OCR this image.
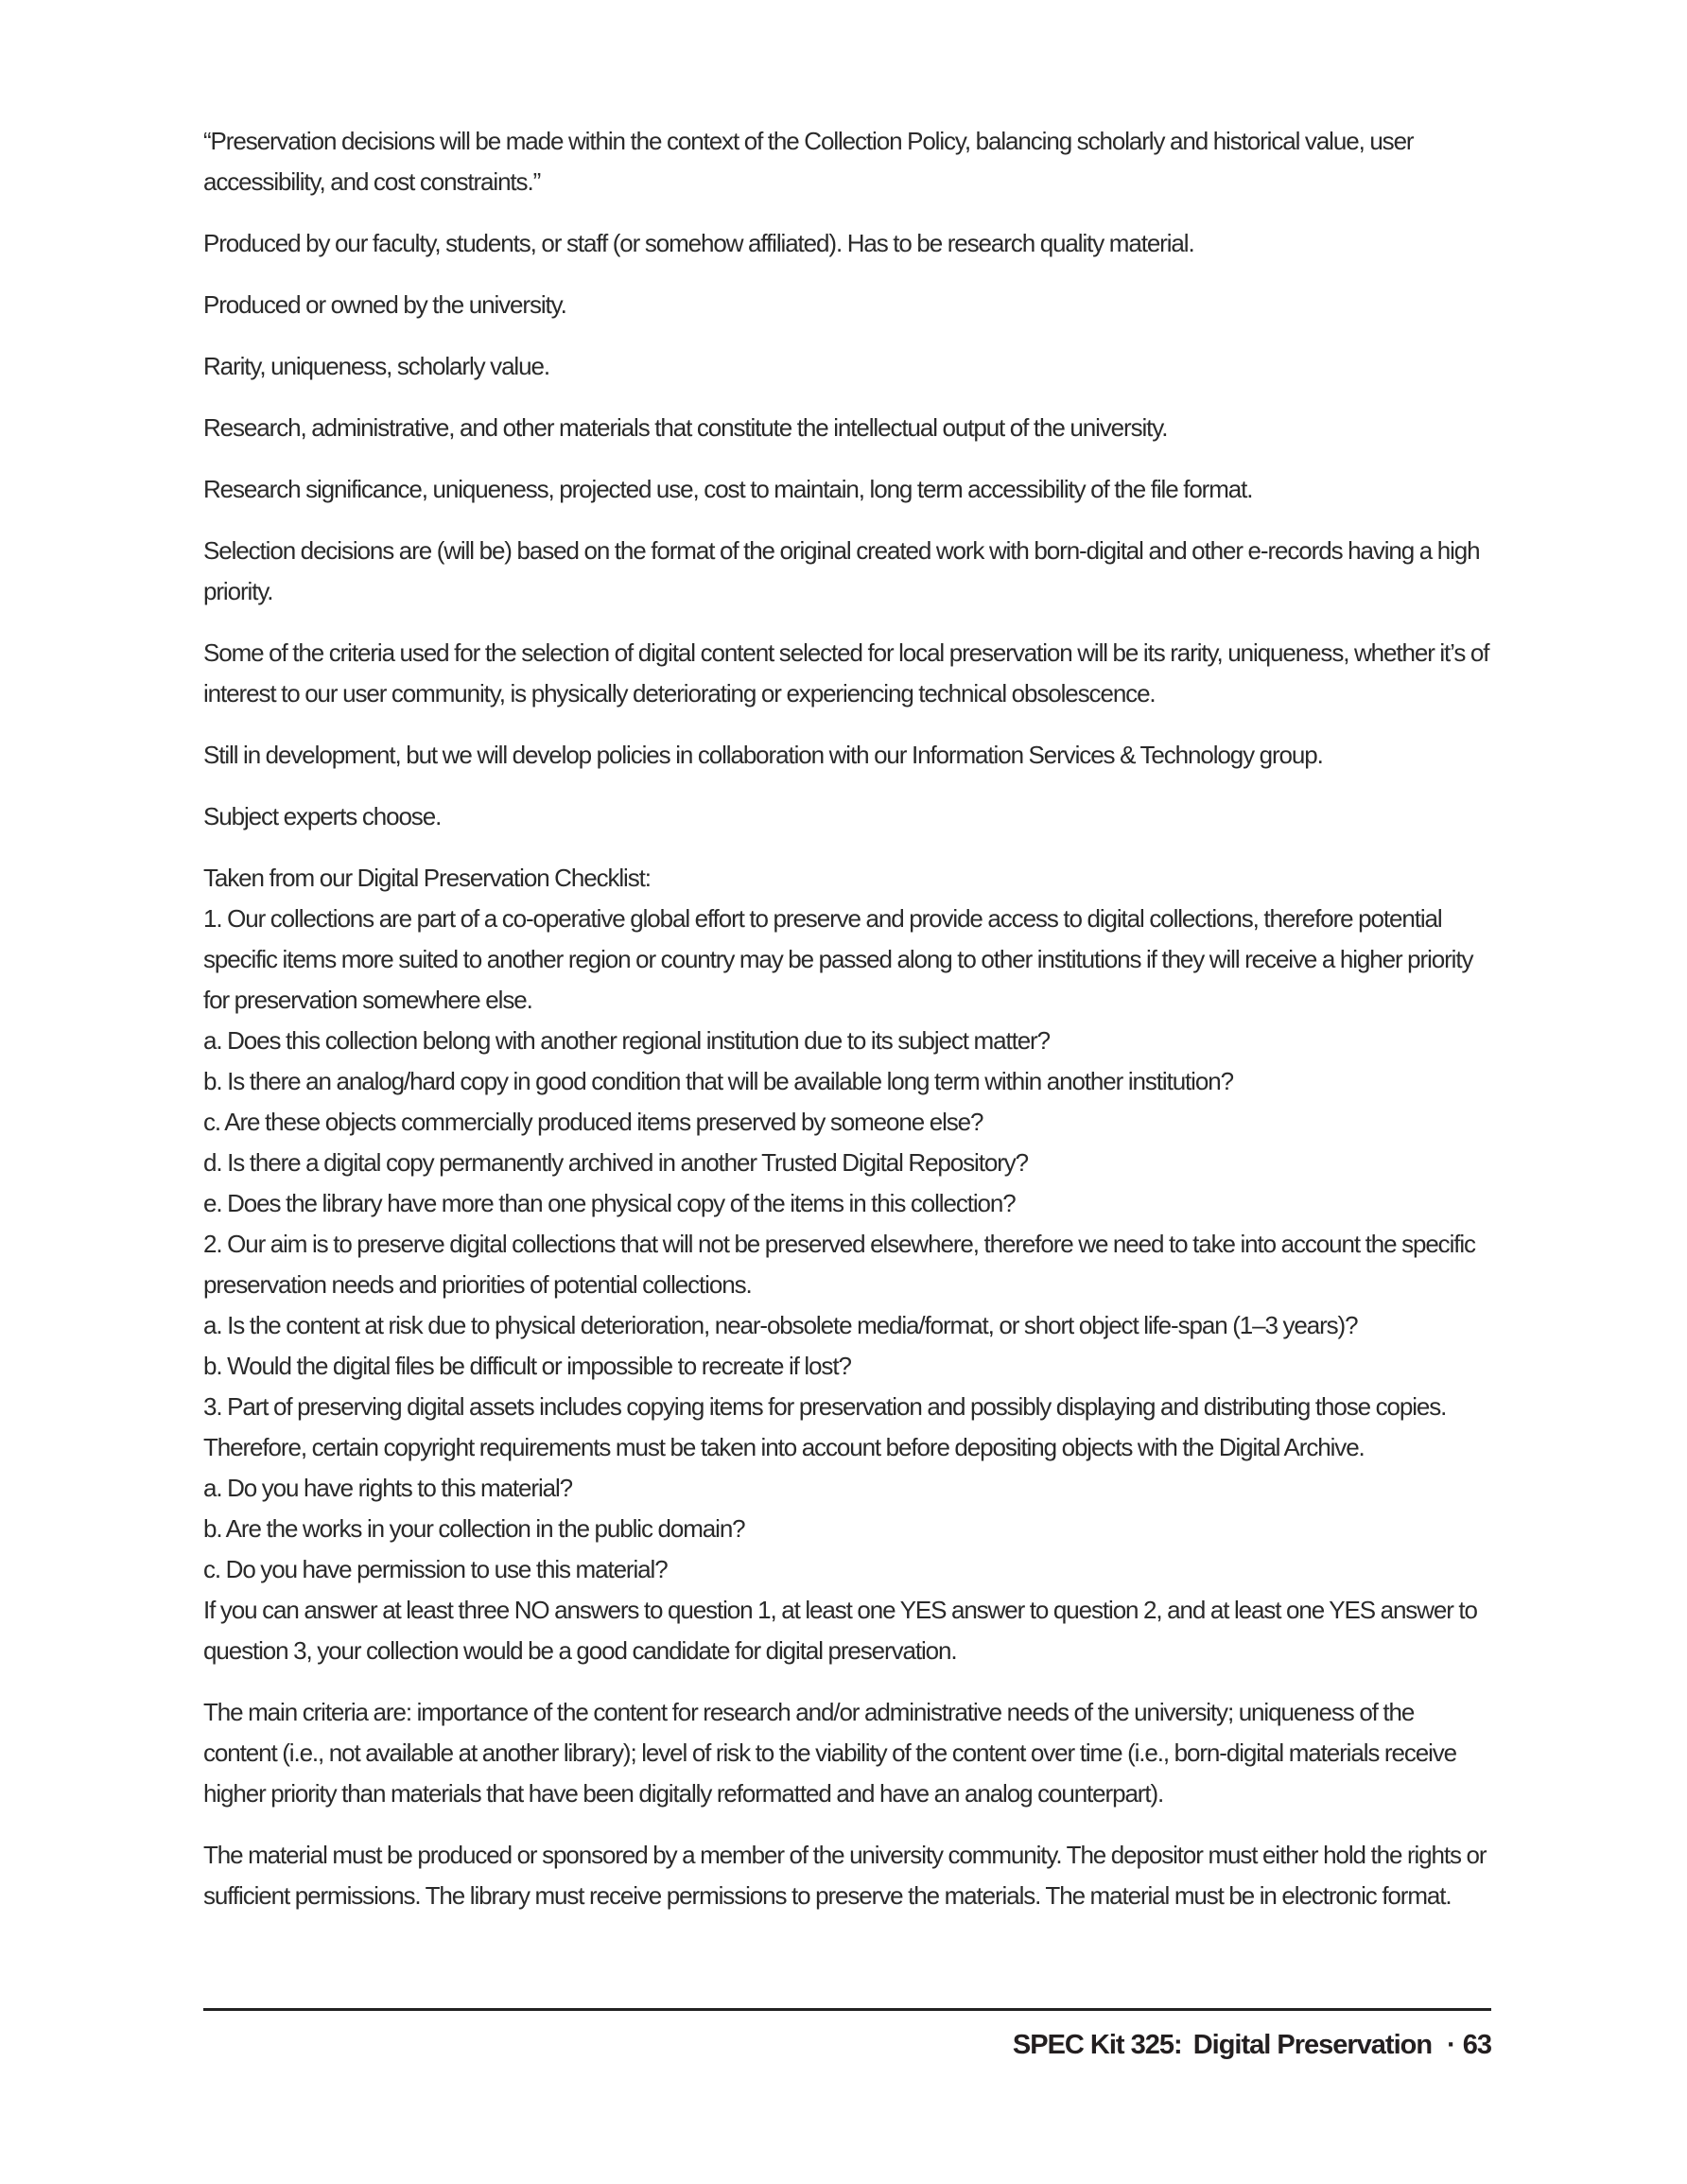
“Preservation decisions will be made within the context of the Collection Policy, balancing scholarly and historical value, user accessibility, and cost constraints.”

Produced by our faculty, students, or staff (or somehow affiliated). Has to be research quality material.

Produced or owned by the university.

Rarity, uniqueness, scholarly value.

Research, administrative, and other materials that constitute the intellectual output of the university.

Research significance, uniqueness, projected use, cost to maintain, long term accessibility of the file format.

Selection decisions are (will be) based on the format of the original created work with born-digital and other e-records having a high priority.

Some of the criteria used for the selection of digital content selected for local preservation will be its rarity, uniqueness, whether it’s of interest to our user community, is physically deteriorating or experiencing technical obsolescence.

Still in development, but we will develop policies in collaboration with our Information Services & Technology group.

Subject experts choose.

Taken from our Digital Preservation Checklist:
1. Our collections are part of a co-operative global effort to preserve and provide access to digital collections, therefore potential specific items more suited to another region or country may be passed along to other institutions if they will receive a higher priority for preservation somewhere else.
a. Does this collection belong with another regional institution due to its subject matter?
b. Is there an analog/hard copy in good condition that will be available long term within another institution?
c. Are these objects commercially produced items preserved by someone else?
d. Is there a digital copy permanently archived in another Trusted Digital Repository?
e. Does the library have more than one physical copy of the items in this collection?
2. Our aim is to preserve digital collections that will not be preserved elsewhere, therefore we need to take into account the specific preservation needs and priorities of potential collections.
a. Is the content at risk due to physical deterioration, near-obsolete media/format, or short object life-span (1–3 years)?
b. Would the digital files be difficult or impossible to recreate if lost?
3. Part of preserving digital assets includes copying items for preservation and possibly displaying and distributing those copies. Therefore, certain copyright requirements must be taken into account before depositing objects with the Digital Archive.
a. Do you have rights to this material?
b. Are the works in your collection in the public domain?
c. Do you have permission to use this material?
If you can answer at least three NO answers to question 1, at least one YES answer to question 2, and at least one YES answer to question 3, your collection would be a good candidate for digital preservation.

The main criteria are: importance of the content for research and/or administrative needs of the university; uniqueness of the content (i.e., not available at another library); level of risk to the viability of the content over time (i.e., born-digital materials receive higher priority than materials that have been digitally reformatted and have an analog counterpart).

The material must be produced or sponsored by a member of the university community. The depositor must either hold the rights or sufficient permissions. The library must receive permissions to preserve the materials. The material must be in electronic format.

SPEC Kit 325: Digital Preservation · 63
